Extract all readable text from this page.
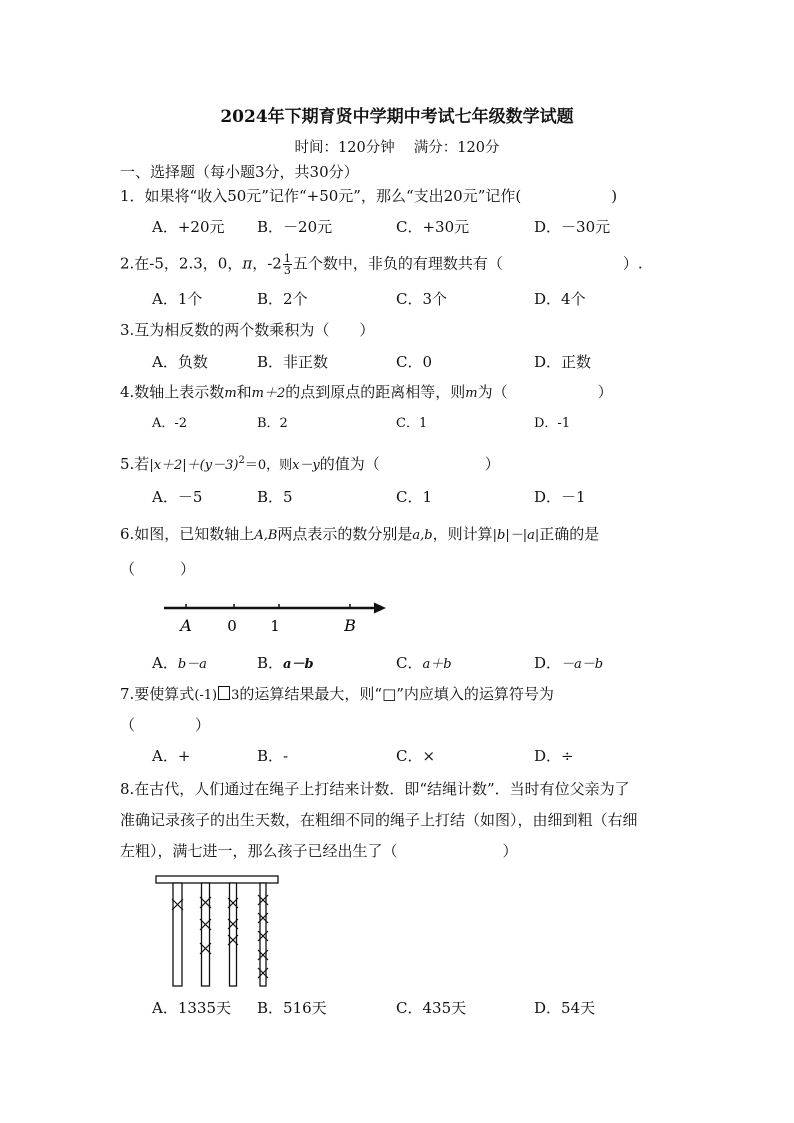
2024年下期育贤中学期中考试七年级数学试题
时间：120分钟　 满分：120分
一、选择题（每小题3分，共30分）
1．如果将“收入50元”记作“+50元”，那么“支出20元”记作(　　　　　　)
A．+20元 B．－20元	C．+30元	D．－30元
2.在-5，2.3，0，π，$-2 \frac{1}{3}$ 五个数中，非负的有理数共有（　　　　　　　　）.
A．1个	B．2个	C．3个	D．4个
3.互为相反数的两个数乘积为（　　）
A．负数	B．非正数	C．0	D．正数
4.数轴上表示数m和m＋2的点到原点的距离相等，则m为（　　　　　　）
A．-2	B．2	C．1	D．-1
5.若$|x+2|+(y-3)^2=0$，则x－y的值为（　　　　　　　）
A．－5	B．5	C．1	D．－1
6.如图，已知数轴上A,B两点表示的数分别是a,b，则计算|b|－|a|正确的是
（　　　）
A 0 1	B
A．b－a	B．a－b	C．a＋b	D．－a－b
7.要使算式(-1) 3的运算结果最大，则“□”内应填入的运算符号为
（　　　　）
A．+	B．-	C．×	D．÷
8.在古代，人们通过在绳子上打结来计数．即“结绳计数”．当时有位父亲为了
准确记录孩子的出生天数，在粗细不同的绳子上打结（如图），由细到粗（右细
左粗），满七进一，那么孩子已经出生了（　　　　　　　）
A．1335天 B．516天	C．435天	D．54天
